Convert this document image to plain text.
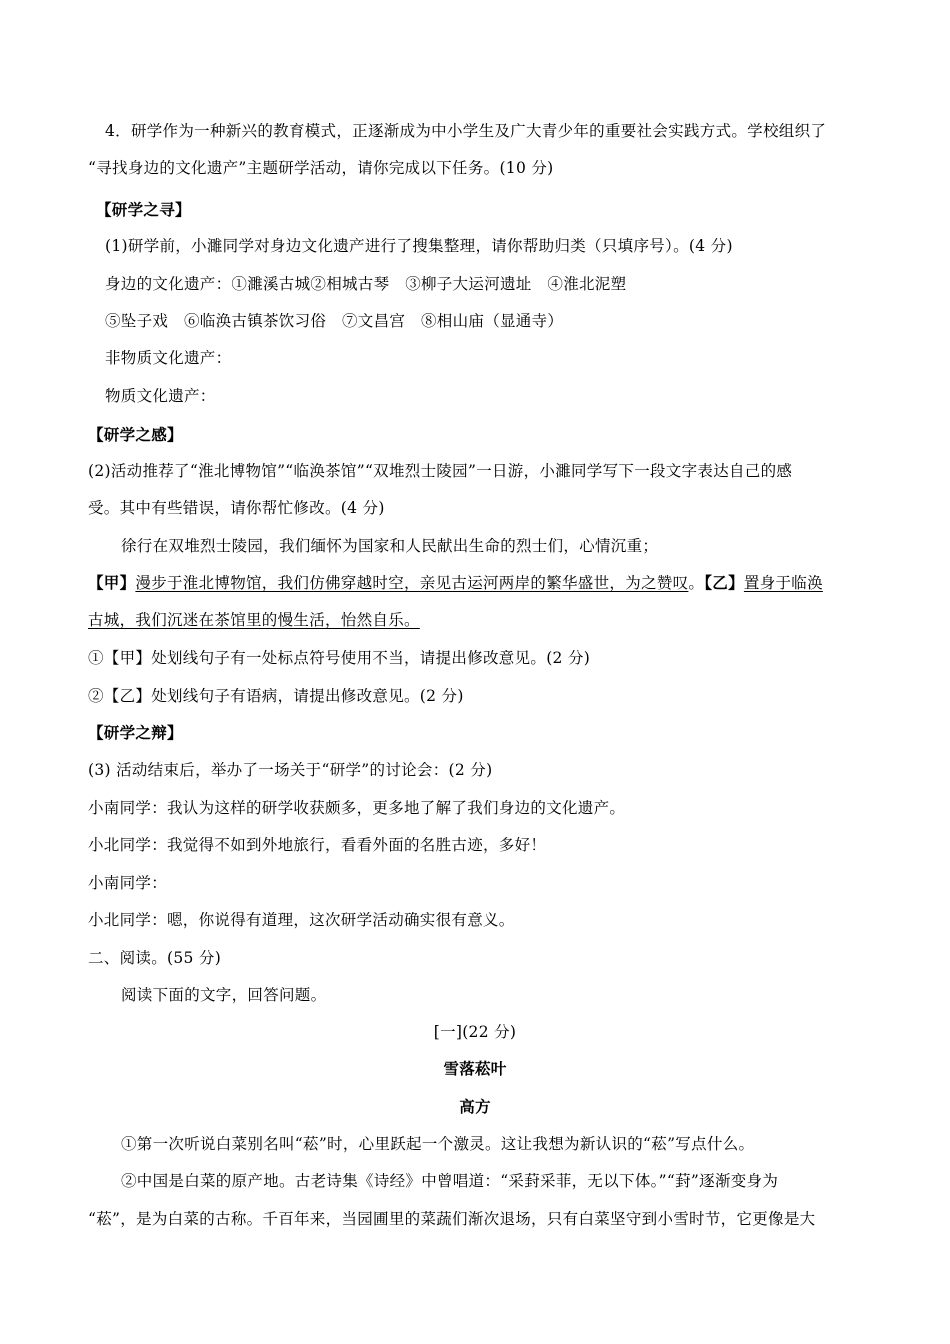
4．研学作为一种新兴的教育模式，正逐渐成为中小学生及广大青少年的重要社会实践方式。学校组织了
“寻找身边的文化遗产”主题研学活动，请你完成以下任务。(10 分)
【研学之寻】
(1)研学前，小濉同学对身边文化遗产进行了搜集整理，请你帮助归类（只填序号）。(4 分)
身边的文化遗产：①濉溪古城②相城古琴　③柳子大运河遗址　④淮北泥塑
⑤坠子戏　⑥临涣古镇茶饮习俗　⑦文昌宫　⑧相山庙（显通寺）
非物质文化遗产：
物质文化遗产：
【研学之感】
(2)活动推荐了“淮北博物馆”“临涣茶馆”“双堆烈士陵园”一日游，小濉同学写下一段文字表达自己的感
受。其中有些错误，请你帮忙修改。(4 分)
徐行在双堆烈士陵园，我们缅怀为国家和人民献出生命的烈士们，心情沉重；
【甲】漫步于淮北博物馆，我们仿佛穿越时空，亲见古运河两岸的繁华盛世，为之赞叹。【乙】置身于临涣
古城，我们沉迷在茶馆里的慢生活，怡然自乐。
①【甲】处划线句子有一处标点符号使用不当，请提出修改意见。(2 分)
②【乙】处划线句子有语病，请提出修改意见。(2 分)
【研学之辩】
(3) 活动结束后，举办了一场关于“研学”的讨论会：(2 分)
小南同学：我认为这样的研学收获颇多，更多地了解了我们身边的文化遗产。
小北同学：我觉得不如到外地旅行，看看外面的名胜古迹，多好！
小南同学：
小北同学：嗯，你说得有道理，这次研学活动确实很有意义。
二、阅读。(55 分)
阅读下面的文字，回答问题。
[一](22 分)
雪落菘叶
高方
①第一次听说白菜别名叫“菘”时，心里跃起一个激灵。这让我想为新认识的“菘”写点什么。
②中国是白菜的原产地。古老诗集《诗经》中曾唱道：“采葑采菲，无以下体。”“葑”逐渐变身为
“菘”，是为白菜的古称。千百年来，当园圃里的菜蔬们渐次退场，只有白菜坚守到小雪时节，它更像是大
